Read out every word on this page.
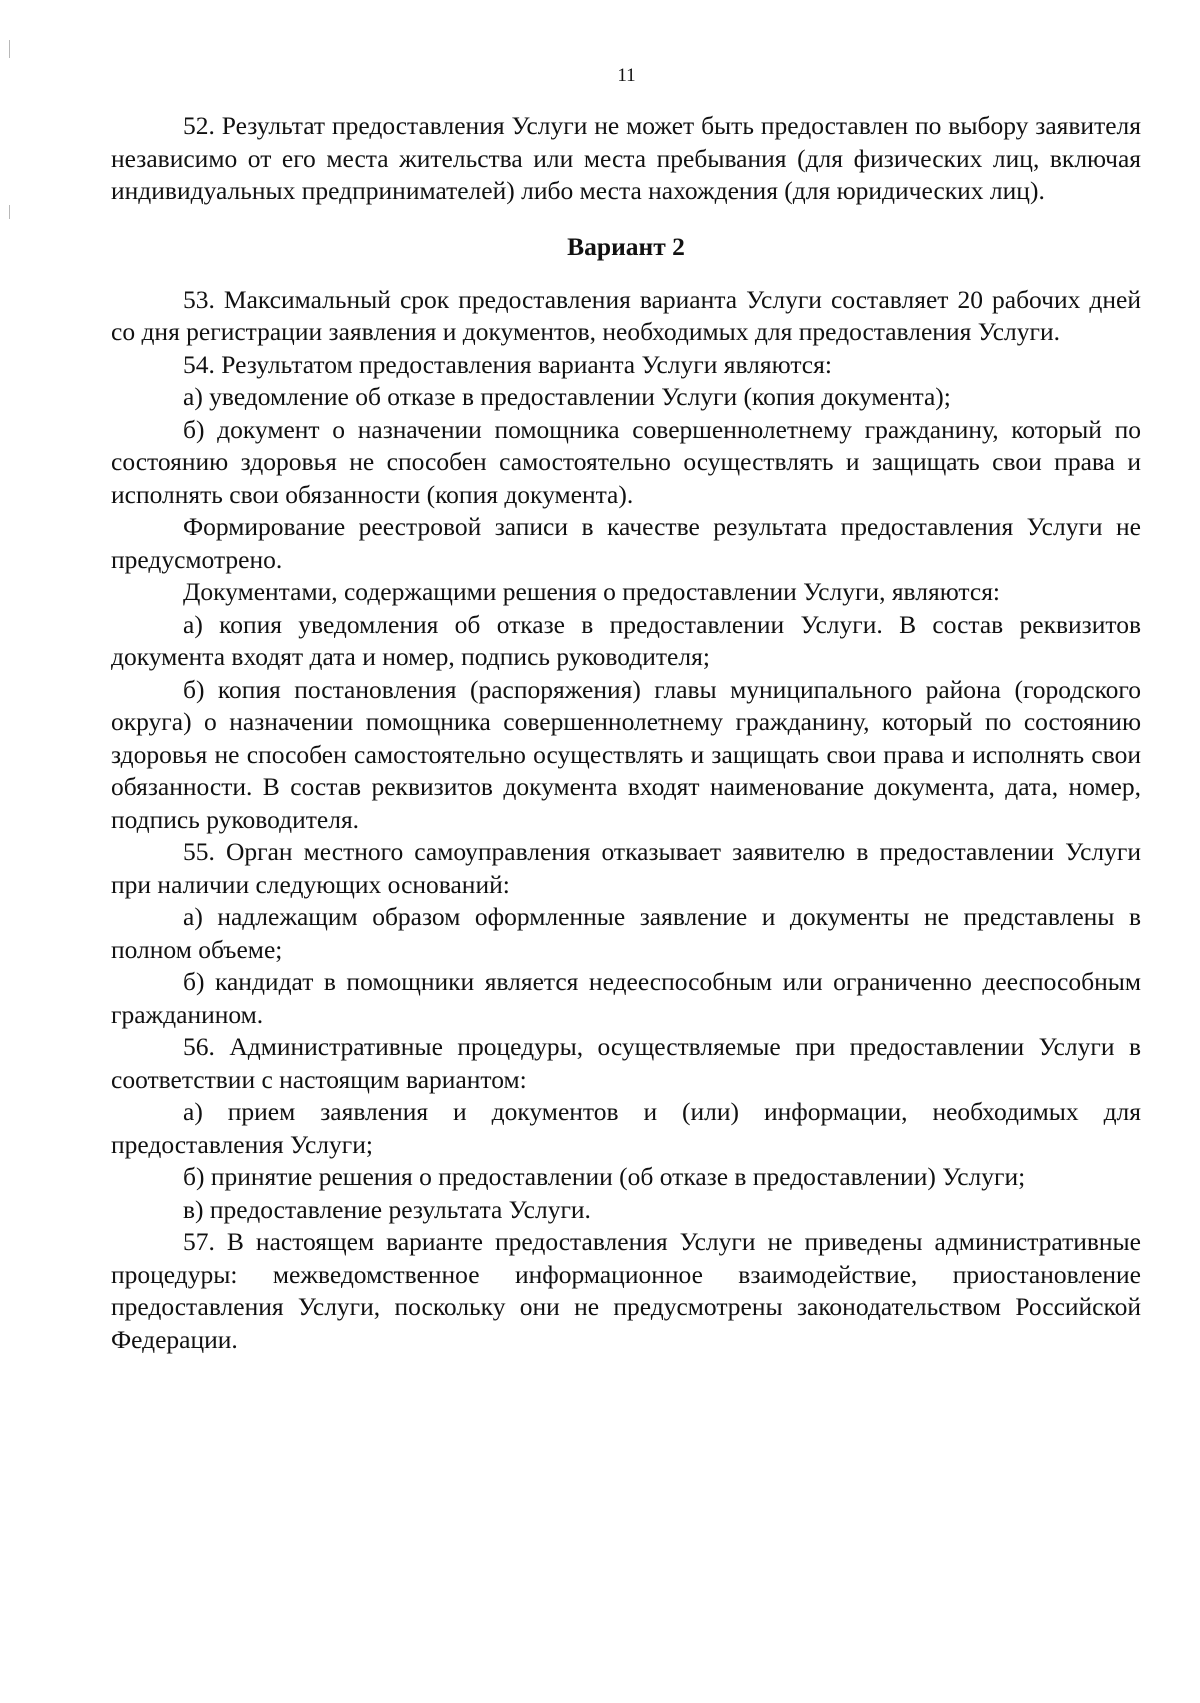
11

52. Результат предоставления Услуги не может быть предоставлен по выбору заявителя независимо от его места жительства или места пребывания (для физических лиц, включая индивидуальных предпринимателей) либо места нахождения (для юридических лиц).

Вариант 2

53. Максимальный срок предоставления варианта Услуги составляет 20 рабочих дней со дня регистрации заявления и документов, необходимых для предоставления Услуги.

54. Результатом предоставления варианта Услуги являются:

а) уведомление об отказе в предоставлении Услуги (копия документа);

б) документ о назначении помощника совершеннолетнему гражданину, который по состоянию здоровья не способен самостоятельно осуществлять и защищать свои права и исполнять свои обязанности (копия документа).

Формирование реестровой записи в качестве результата предоставления Услуги не предусмотрено.

Документами, содержащими решения о предоставлении Услуги, являются:

а) копия уведомления об отказе в предоставлении Услуги. В состав реквизитов документа входят дата и номер, подпись руководителя;

б) копия постановления (распоряжения) главы муниципального района (городского округа) о назначении помощника совершеннолетнему гражданину, который по состоянию здоровья не способен самостоятельно осуществлять и защищать свои права и исполнять свои обязанности. В состав реквизитов документа входят наименование документа, дата, номер, подпись руководителя.

55. Орган местного самоуправления отказывает заявителю в предоставлении Услуги при наличии следующих оснований:

а) надлежащим образом оформленные заявление и документы не представлены в полном объеме;

б) кандидат в помощники является недееспособным или ограниченно дееспособным гражданином.

56. Административные процедуры, осуществляемые при предоставлении Услуги в соответствии с настоящим вариантом:

а) прием заявления и документов и (или) информации, необходимых для предоставления Услуги;

б) принятие решения о предоставлении (об отказе в предоставлении) Услуги;

в) предоставление результата Услуги.

57. В настоящем варианте предоставления Услуги не приведены административные процедуры: межведомственное информационное взаимодействие, приостановление предоставления Услуги, поскольку они не предусмотрены законодательством Российской Федерации.
